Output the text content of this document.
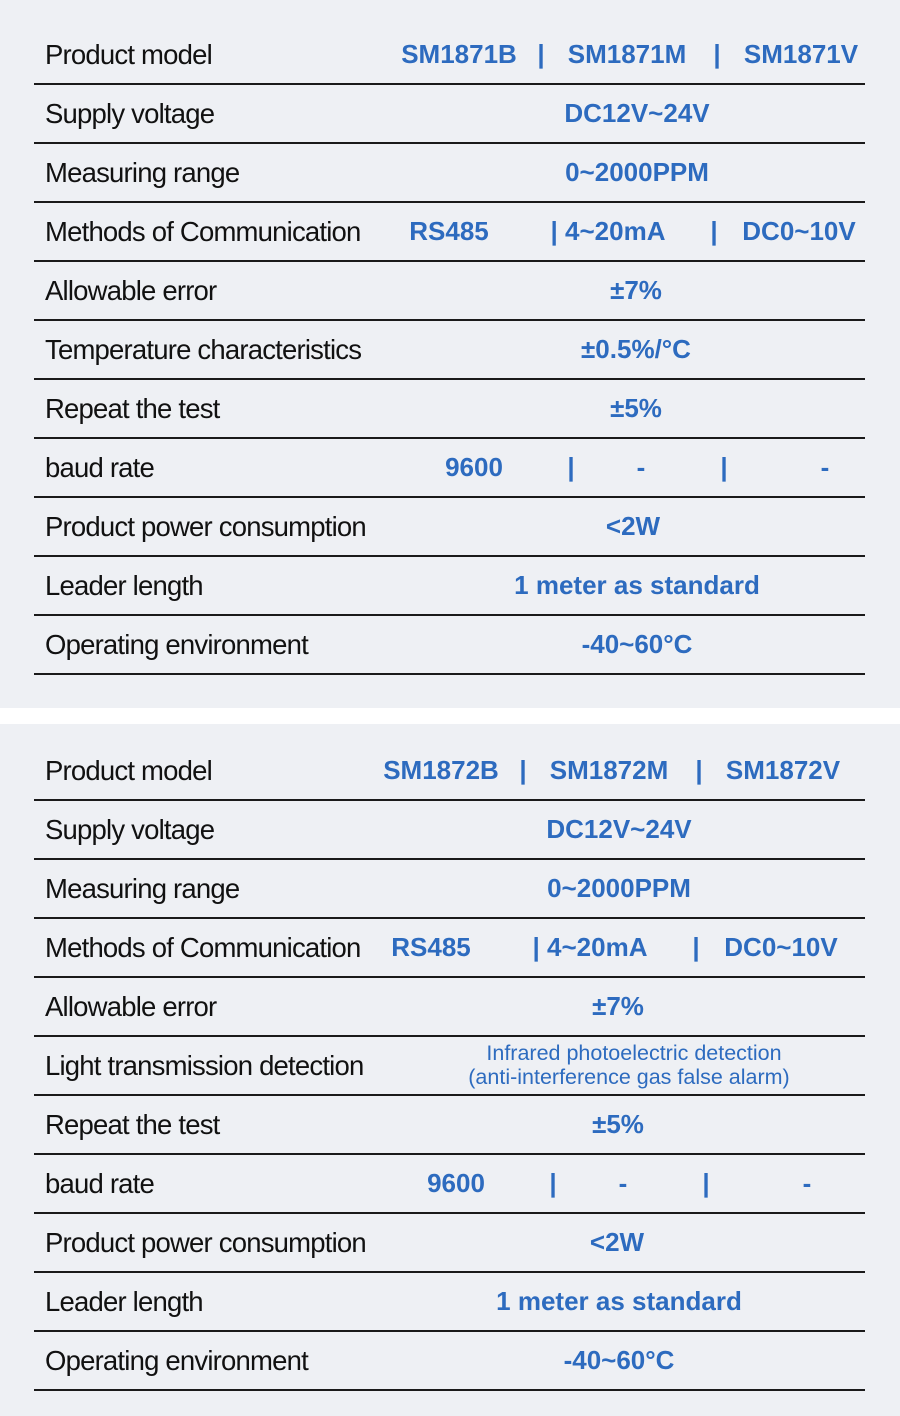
Product model	SM1871B | SM1871M | SM1871V
Supply voltage	DC12V~24V
Measuring range	0~2000PPM
Methods of Communication RS485 | 4~20mA | DC0~10V
Allowable error	±7%
Temperature characteristics	±0.5%/°C
Repeat the test	±5%
baud rate	9600 | -	|	-
Product power consumption	<2W
Leader length	1 meter as standard
Operating environment	-40~60°C
Product model	SM1872B | SM1872M | SM1872V
Supply voltage	DC12V~24V
Measuring range	0~2000PPM
Methods of Communication RS485 | 4~20mA | DC0~10V
Allowable error	±7%
Light transmission detection	Infrared photoelectric detection
(anti-interference gas false alarm)
Repeat the test	±5%
baud rate	9600 | -	|	-
Product power consumption	<2W
Leader length	1 meter as standard
Operating environment	-40~60°C
